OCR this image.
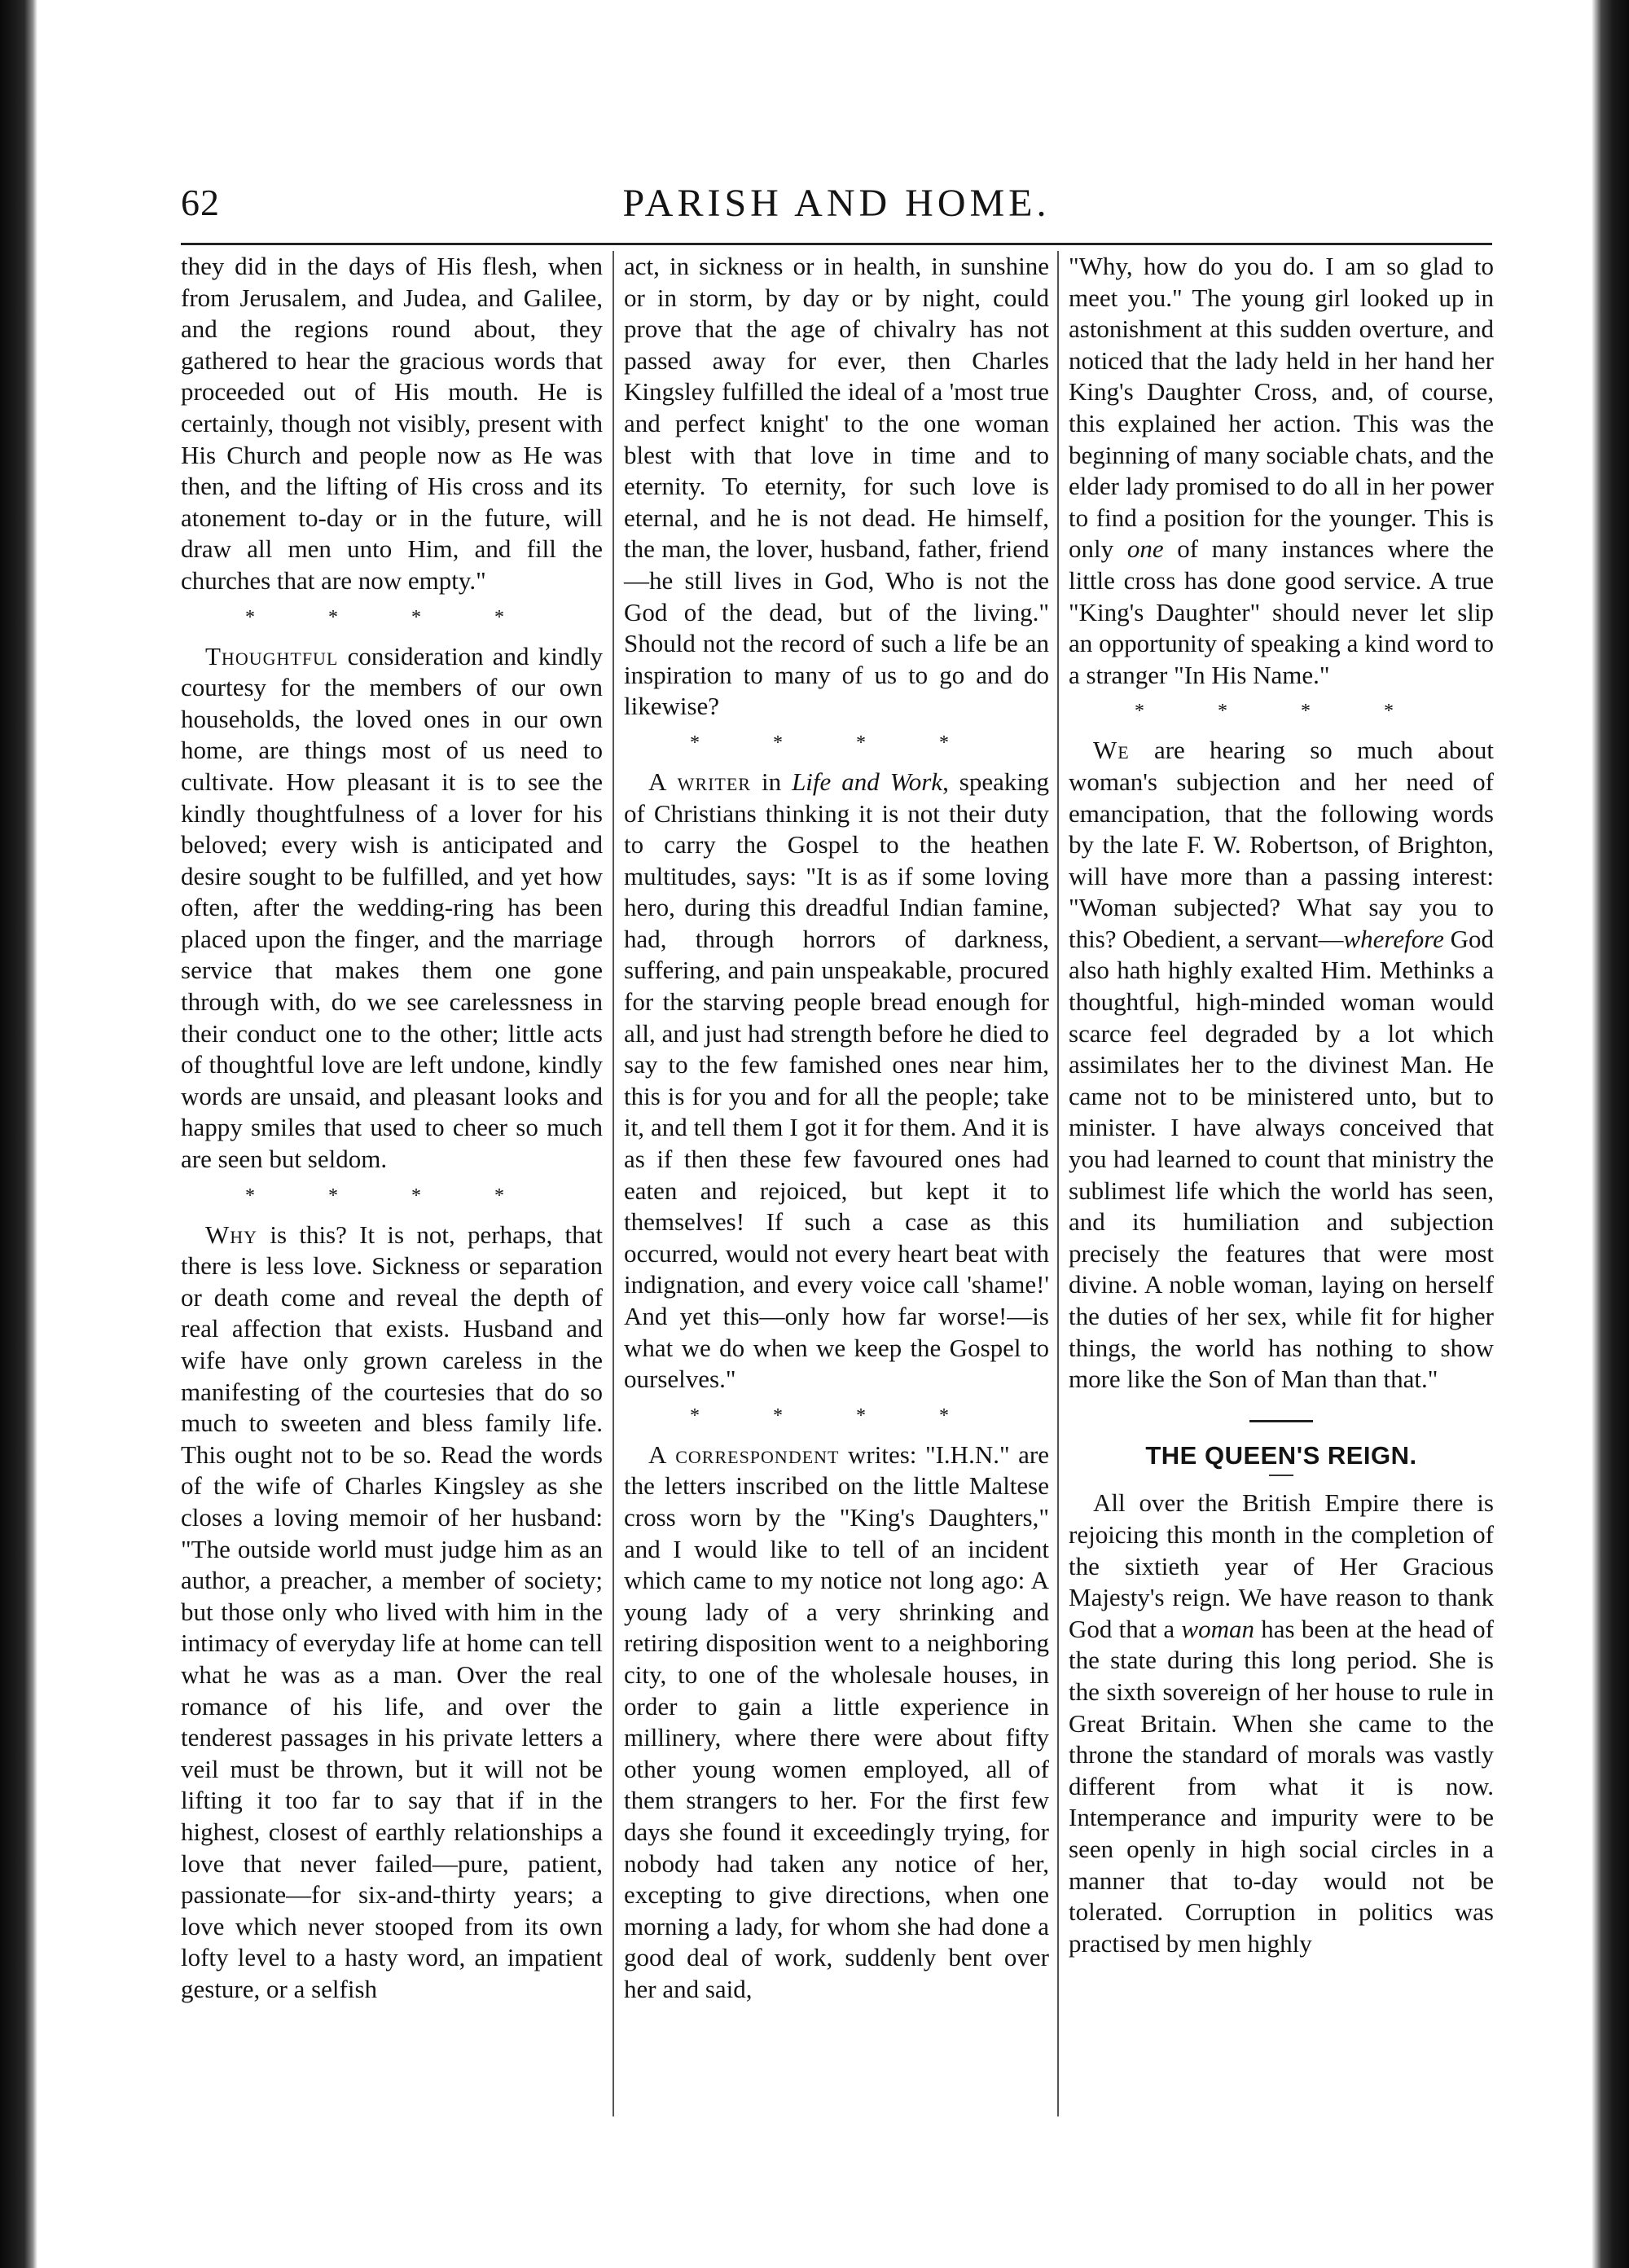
62	PARISH AND HOME.

they did in the days of His flesh, when from Jerusalem, and Judea, and Galilee, and the regions round about, they gathered to hear the gracious words that proceeded out of His mouth. He is certainly, though not visibly, present with His Church and people now as He was then, and the lifting of His cross and its atonement to-day or in the future, will draw all men unto Him, and fill the churches that are now empty."

* * * *

Thoughtful consideration and kindly courtesy for the members of our own households, the loved ones in our own home, are things most of us need to cultivate. How pleasant it is to see the kindly thoughtfulness of a lover for his beloved; every wish is anticipated and desire sought to be fulfilled, and yet how often, after the wedding-ring has been placed upon the finger, and the marriage service that makes them one gone through with, do we see carelessness in their conduct one to the other; little acts of thoughtful love are left undone, kindly words are unsaid, and pleasant looks and happy smiles that used to cheer so much are seen but seldom.

* * * *

Why is this? It is not, perhaps, that there is less love. Sickness or separation or death come and reveal the depth of real affection that exists. Husband and wife have only grown careless in the manifesting of the courtesies that do so much to sweeten and bless family life. This ought not to be so. Read the words of the wife of Charles Kingsley as she closes a loving memoir of her husband: "The outside world must judge him as an author, a preacher, a member of society; but those only who lived with him in the intimacy of everyday life at home can tell what he was as a man. Over the real romance of his life, and over the tenderest passages in his private letters a veil must be thrown, but it will not be lifting it too far to say that if in the highest, closest of earthly relationships a love that never failed—pure, patient, passionate—for six-and-thirty years; a love which never stooped from its own lofty level to a hasty word, an impatient gesture, or a selfish

act, in sickness or in health, in sunshine or in storm, by day or by night, could prove that the age of chivalry has not passed away for ever, then Charles Kingsley fulfilled the ideal of a 'most true and perfect knight' to the one woman blest with that love in time and to eternity. To eternity, for such love is eternal, and he is not dead. He himself, the man, the lover, husband, father, friend—he still lives in God, Who is not the God of the dead, but of the living." Should not the record of such a life be an inspiration to many of us to go and do likewise?

* * * *

A writer in Life and Work, speaking of Christians thinking it is not their duty to carry the Gospel to the heathen multitudes, says: "It is as if some loving hero, during this dreadful Indian famine, had, through horrors of darkness, suffering, and pain unspeakable, procured for the starving people bread enough for all, and just had strength before he died to say to the few famished ones near him, this is for you and for all the people; take it, and tell them I got it for them. And it is as if then these few favoured ones had eaten and rejoiced, but kept it to themselves! If such a case as this occurred, would not every heart beat with indignation, and every voice call 'shame!' And yet this—only how far worse!—is what we do when we keep the Gospel to ourselves."

* * * *

A correspondent writes: "I.H.N." are the letters inscribed on the little Maltese cross worn by the "King's Daughters," and I would like to tell of an incident which came to my notice not long ago: A young lady of a very shrinking and retiring disposition went to a neighboring city, to one of the wholesale houses, in order to gain a little experience in millinery, where there were about fifty other young women employed, all of them strangers to her. For the first few days she found it exceedingly trying, for nobody had taken any notice of her, excepting to give directions, when one morning a lady, for whom she had done a good deal of work, suddenly bent over her and said,

"Why, how do you do. I am so glad to meet you." The young girl looked up in astonishment at this sudden overture, and noticed that the lady held in her hand her King's Daughter Cross, and, of course, this explained her action. This was the beginning of many sociable chats, and the elder lady promised to do all in her power to find a position for the younger. This is only one of many instances where the little cross has done good service. A true "King's Daughter" should never let slip an opportunity of speaking a kind word to a stranger "In His Name."

* * * *

We are hearing so much about woman's subjection and her need of emancipation, that the following words by the late F. W. Robertson, of Brighton, will have more than a passing interest: "Woman subjected? What say you to this? Obedient, a servant—wherefore God also hath highly exalted Him. Methinks a thoughtful, high-minded woman would scarce feel degraded by a lot which assimilates her to the divinest Man. He came not to be ministered unto, but to minister. I have always conceived that you had learned to count that ministry the sublimest life which the world has seen, and its humiliation and subjection precisely the features that were most divine. A noble woman, laying on herself the duties of her sex, while fit for higher things, the world has nothing to show more like the Son of Man than that."

THE QUEEN'S REIGN.

All over the British Empire there is rejoicing this month in the completion of the sixtieth year of Her Gracious Majesty's reign. We have reason to thank God that a woman has been at the head of the state during this long period. She is the sixth sovereign of her house to rule in Great Britain. When she came to the throne the standard of morals was vastly different from what it is now. Intemperance and impurity were to be seen openly in high social circles in a manner that to-day would not be tolerated. Corruption in politics was practised by men highly
